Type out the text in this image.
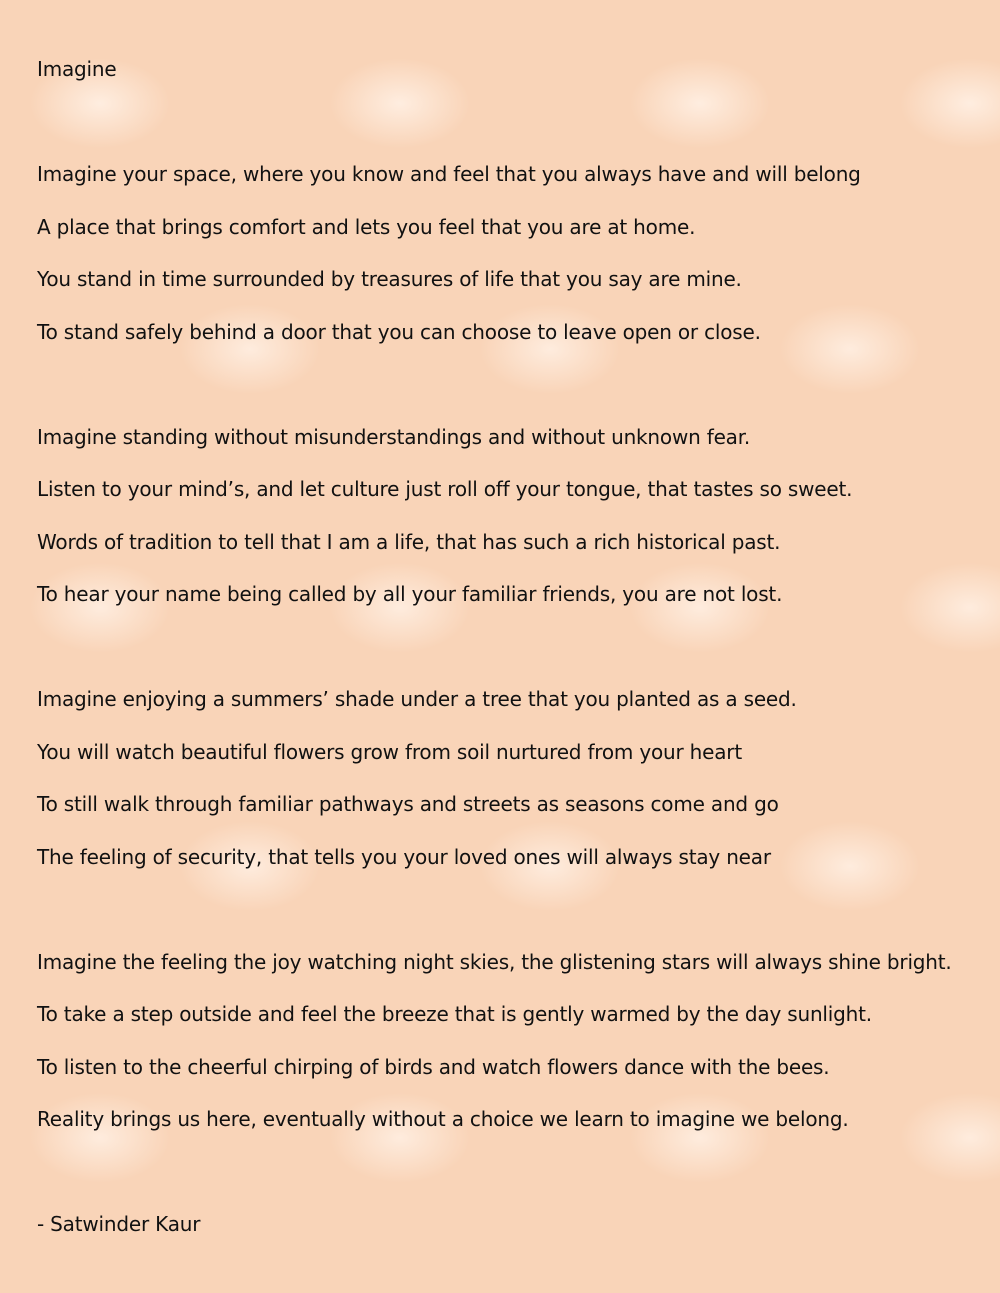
Imagine
Imagine your space, where you know and feel that you always have and will belong
A place that brings comfort and lets you feel that you are at home.
You stand in time surrounded by treasures of life that you say are mine.
To stand safely behind a door that you can choose to leave open or close.
Imagine standing without misunderstandings and without unknown fear.
Listen to your mind’s, and let culture just roll off your tongue, that tastes so sweet.
Words of tradition to tell that I am a life, that has such a rich historical past.
To hear your name being called by all your familiar friends, you are not lost.
Imagine enjoying a summers’ shade under a tree that you planted as a seed.
You will watch beautiful flowers grow from soil nurtured from your heart
To still walk through familiar pathways and streets as seasons come and go
The feeling of security, that tells you your loved ones will always stay near
Imagine the feeling the joy watching night skies, the glistening stars will always shine bright.
To take a step outside and feel the breeze that is gently warmed by the day sunlight.
To listen to the cheerful chirping of birds and watch flowers dance with the bees.
Reality brings us here, eventually without a choice we learn to imagine we belong.
- Satwinder Kaur
